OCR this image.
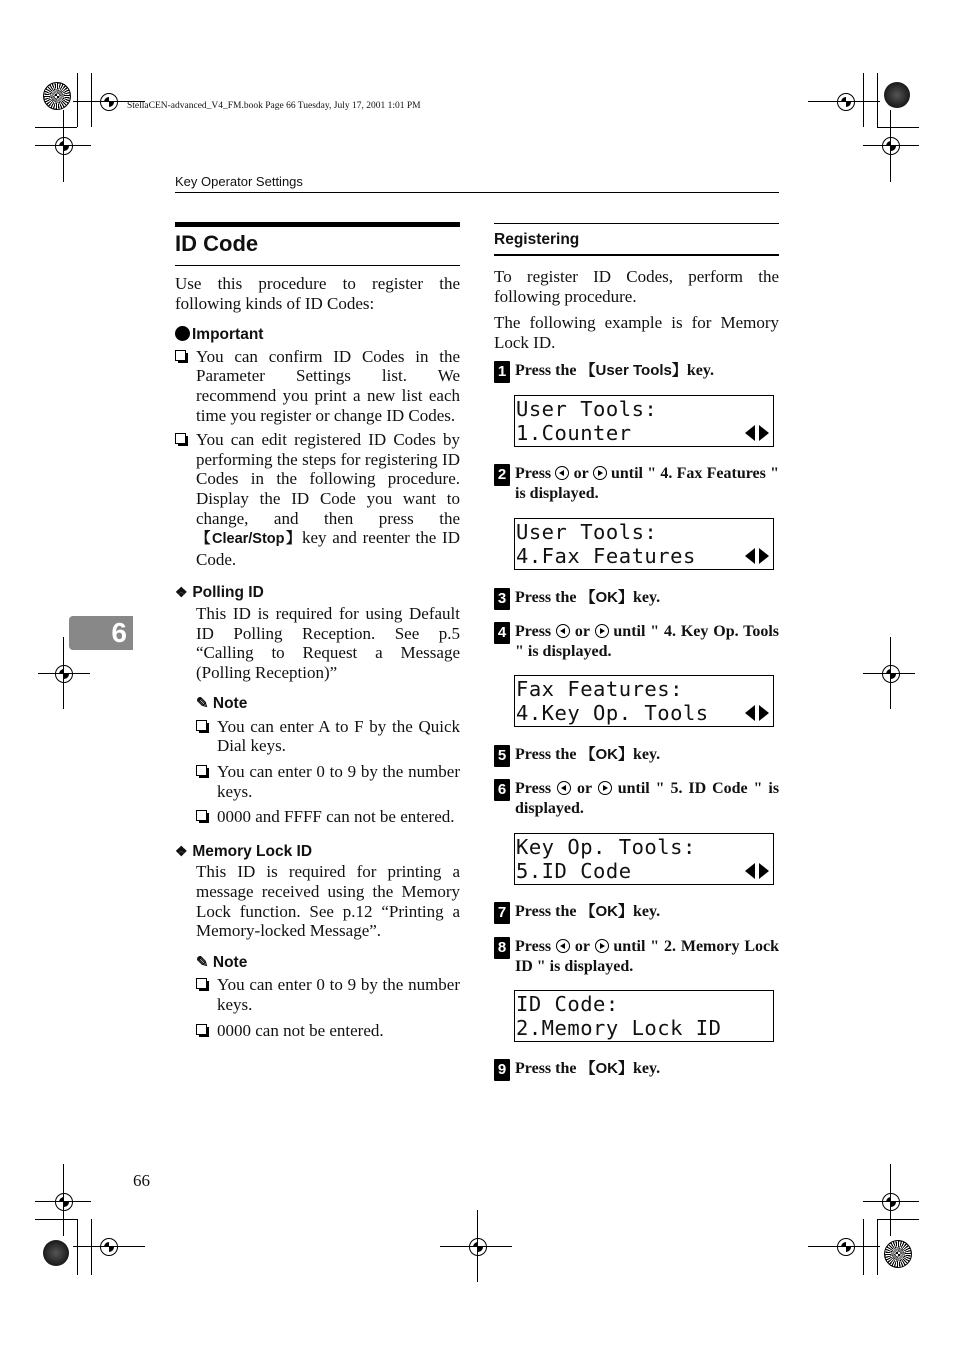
StellaCEN-advanced_V4_FM.book Page 66 Tuesday, July 17, 2001 1:01 PM
Key Operator Settings
6
66
ID Code

Use this procedure to register the following kinds of ID Codes:

Important
You can confirm ID Codes in the Parameter Settings list. We recommend you print a new list each time you register or change ID Codes.
You can edit registered ID Codes by performing the steps for registering ID Codes in the following procedure. Display the ID Code you want to change, and then press the 【Clear/Stop】key and reenter the ID Code.
❖ Polling ID

This ID is required for using Default ID Polling Reception. See p.5 “Calling to Request a Message (Polling Reception)”

✎ Note
You can enter A to F by the Quick Dial keys.
You can enter 0 to 9 by the number keys.
0000 and FFFF can not be entered.
❖ Memory Lock ID

This ID is required for printing a message received using the Memory Lock function. See p.12 “Printing a Memory-locked Message”.

✎ Note
You can enter 0 to 9 by the number keys.
0000 can not be entered.
Registering

To register ID Codes, perform the following procedure.

The following example is for Memory Lock ID.

1 Press the 【User Tools】key.
User Tools:
1.Counter
2 Press or until " 4. Fax Features " is displayed.
User Tools:
4.Fax Features
3 Press the 【OK】key.
4 Press or until " 4. Key Op. Tools " is displayed.
Fax Features:
4.Key Op. Tools
5 Press the 【OK】key.
6 Press or until " 5. ID Code " is displayed.
Key Op. Tools:
5.ID Code
7 Press the 【OK】key.
8 Press or until " 2. Memory Lock ID " is displayed.
ID Code:
2.Memory Lock ID
9 Press the 【OK】key.
